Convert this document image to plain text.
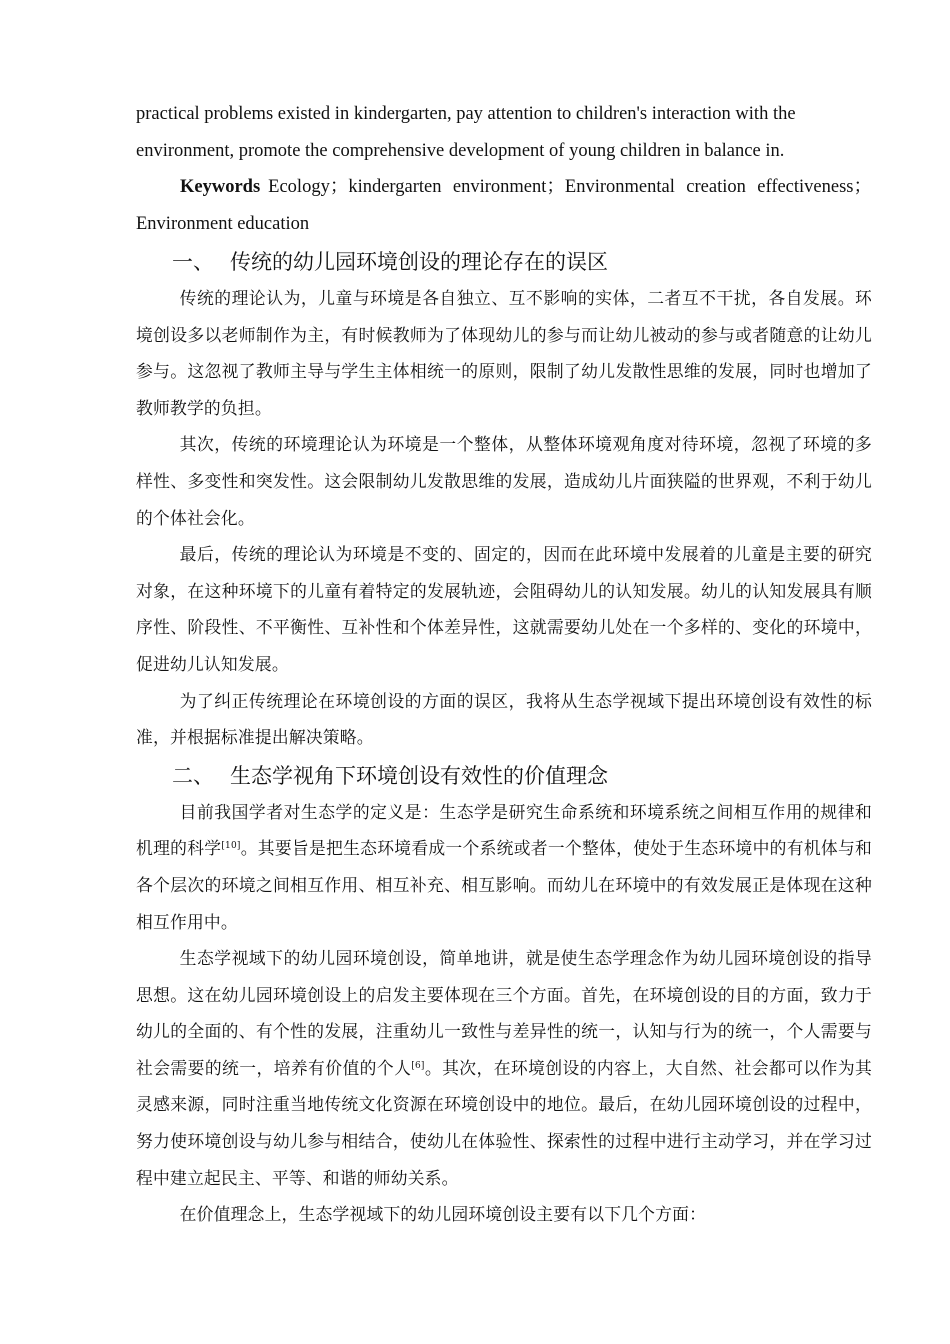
practical problems existed in kindergarten, pay attention to children's interaction with the

environment, promote the comprehensive development of young children in balance in.

Keywords Ecology；kindergarten environment；Environmental creation effectiveness；Environment education

一、 传统的幼儿园环境创设的理论存在的误区

传统的理论认为，儿童与环境是各自独立、互不影响的实体，二者互不干扰，各自发展。环境创设多以老师制作为主，有时候教师为了体现幼儿的参与而让幼儿被动的参与或者随意的让幼儿参与。这忽视了教师主导与学生主体相统一的原则，限制了幼儿发散性思维的发展，同时也增加了教师教学的负担。

其次，传统的环境理论认为环境是一个整体，从整体环境观角度对待环境，忽视了环境的多样性、多变性和突发性。这会限制幼儿发散思维的发展，造成幼儿片面狭隘的世界观，不利于幼儿的个体社会化。

最后，传统的理论认为环境是不变的、固定的，因而在此环境中发展着的儿童是主要的研究对象，在这种环境下的儿童有着特定的发展轨迹，会阻碍幼儿的认知发展。幼儿的认知发展具有顺序性、阶段性、不平衡性、互补性和个体差异性，这就需要幼儿处在一个多样的、变化的环境中，促进幼儿认知发展。

为了纠正传统理论在环境创设的方面的误区，我将从生态学视域下提出环境创设有效性的标准，并根据标准提出解决策略。

二、 生态学视角下环境创设有效性的价值理念

目前我国学者对生态学的定义是：生态学是研究生命系统和环境系统之间相互作用的规律和机理的科学[10]。其要旨是把生态环境看成一个系统或者一个整体，使处于生态环境中的有机体与和各个层次的环境之间相互作用、相互补充、相互影响。而幼儿在环境中的有效发展正是体现在这种相互作用中。

生态学视域下的幼儿园环境创设，简单地讲，就是使生态学理念作为幼儿园环境创设的指导思想。这在幼儿园环境创设上的启发主要体现在三个方面。首先，在环境创设的目的方面，致力于幼儿的全面的、有个性的发展，注重幼儿一致性与差异性的统一，认知与行为的统一，个人需要与社会需要的统一，培养有价值的个人[6]。其次，在环境创设的内容上，大自然、社会都可以作为其灵感来源，同时注重当地传统文化资源在环境创设中的地位。最后，在幼儿园环境创设的过程中，努力使环境创设与幼儿参与相结合，使幼儿在体验性、探索性的过程中进行主动学习，并在学习过程中建立起民主、平等、和谐的师幼关系。

在价值理念上，生态学视域下的幼儿园环境创设主要有以下几个方面：
